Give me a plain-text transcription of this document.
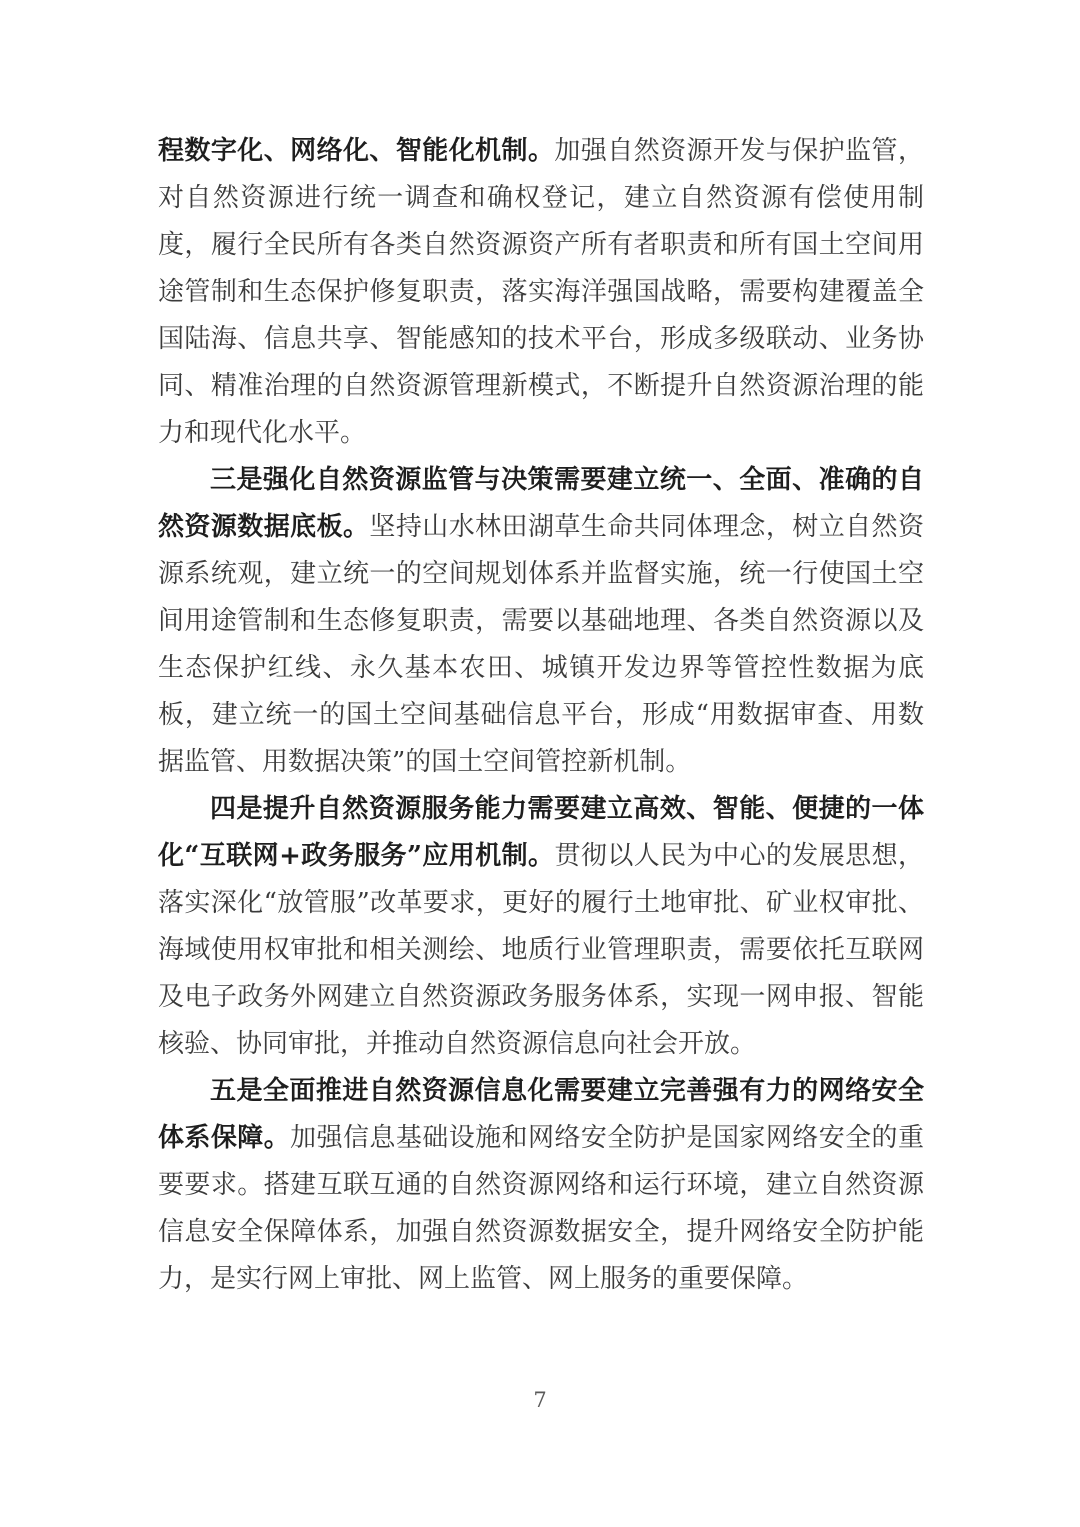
程数字化、网络化、智能化机制。加强自然资源开发与保护监管，对自然资源进行统一调查和确权登记，建立自然资源有偿使用制度，履行全民所有各类自然资源资产所有者职责和所有国土空间用途管制和生态保护修复职责，落实海洋强国战略，需要构建覆盖全国陆海、信息共享、智能感知的技术平台，形成多级联动、业务协同、精准治理的自然资源管理新模式，不断提升自然资源治理的能力和现代化水平。

三是强化自然资源监管与决策需要建立统一、全面、准确的自然资源数据底板。坚持山水林田湖草生命共同体理念，树立自然资源系统观，建立统一的空间规划体系并监督实施，统一行使国土空间用途管制和生态修复职责，需要以基础地理、各类自然资源以及生态保护红线、永久基本农田、城镇开发边界等管控性数据为底板，建立统一的国土空间基础信息平台，形成“用数据审查、用数据监管、用数据决策”的国土空间管控新机制。

四是提升自然资源服务能力需要建立高效、智能、便捷的一体化“互联网+政务服务”应用机制。贯彻以人民为中心的发展思想，落实深化“放管服”改革要求，更好的履行土地审批、矿业权审批、海域使用权审批和相关测绘、地质行业管理职责，需要依托互联网及电子政务外网建立自然资源政务服务体系，实现一网申报、智能核验、协同审批，并推动自然资源信息向社会开放。

五是全面推进自然资源信息化需要建立完善强有力的网络安全体系保障。加强信息基础设施和网络安全防护是国家网络安全的重要要求。搭建互联互通的自然资源网络和运行环境，建立自然资源信息安全保障体系，加强自然资源数据安全，提升网络安全防护能力，是实行网上审批、网上监管、网上服务的重要保障。

7
